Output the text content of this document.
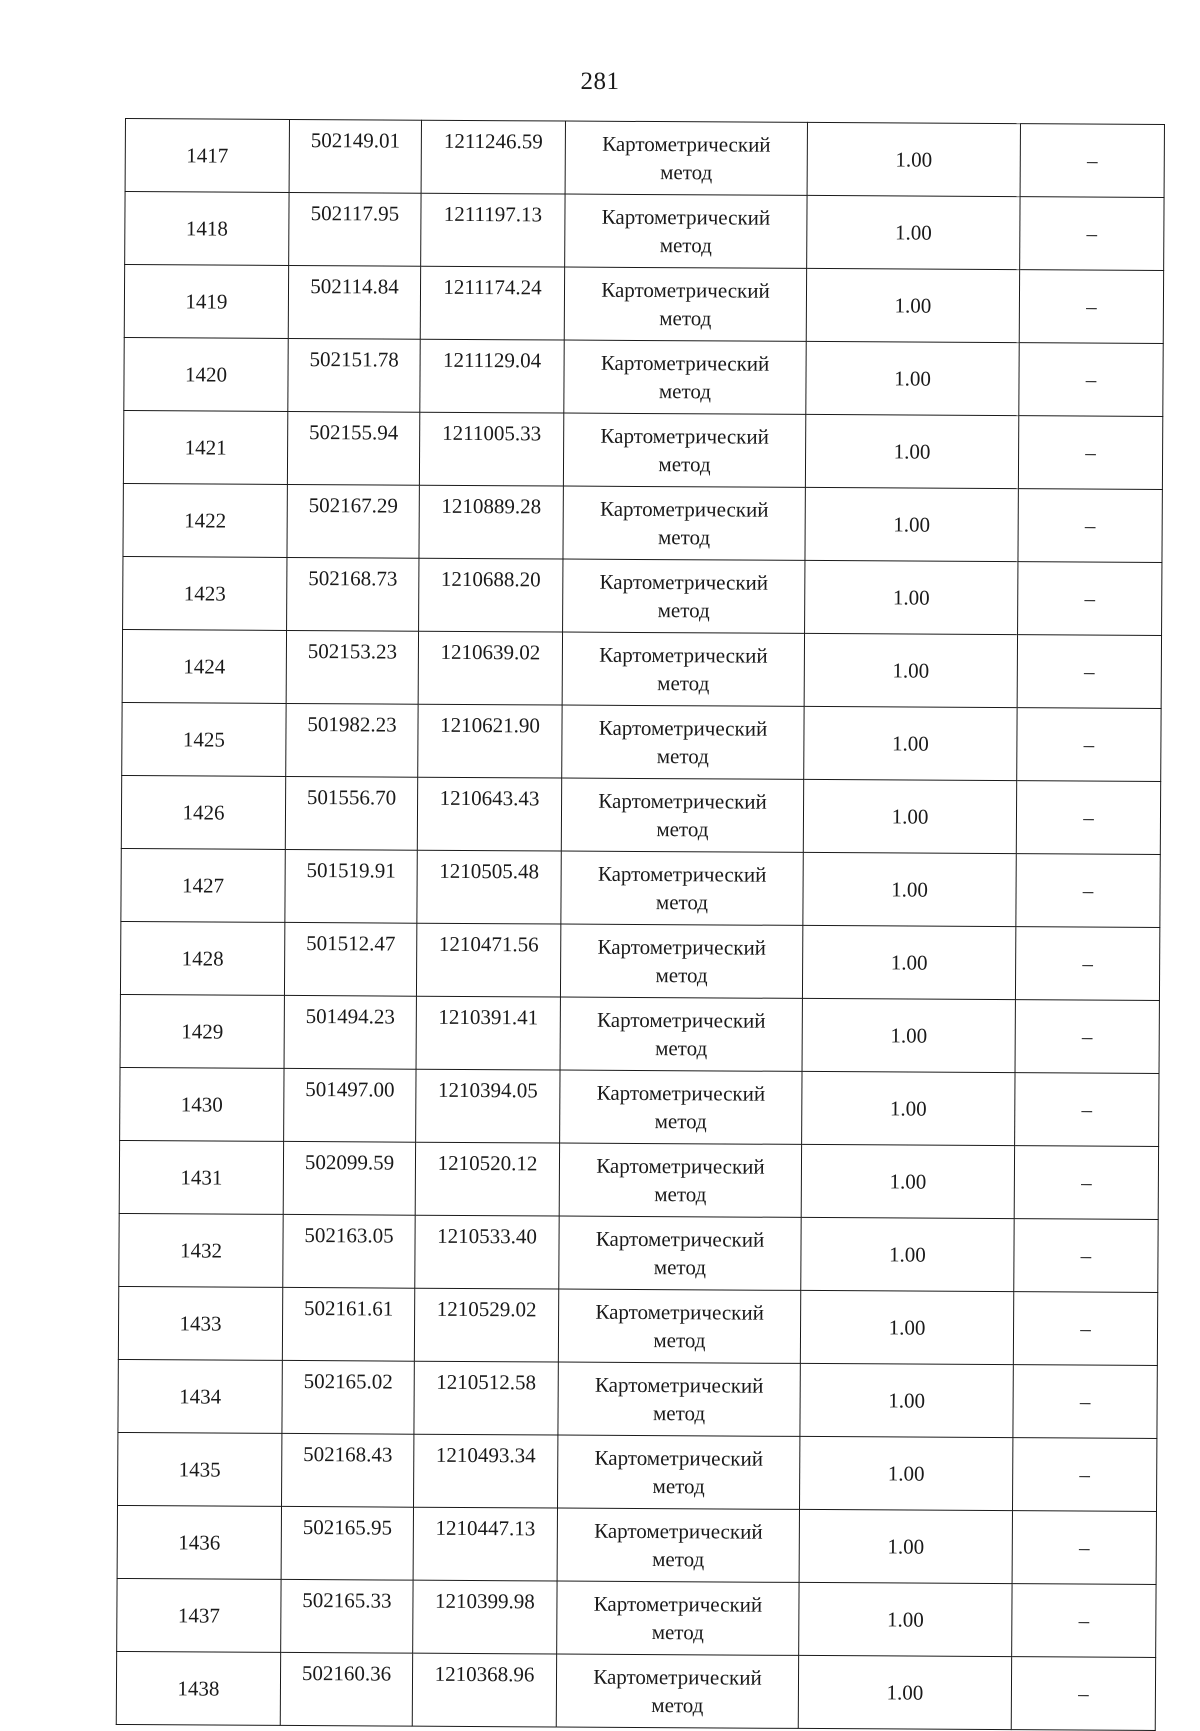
281
1417	502149.01	1211246.59	Картометрический метод	1.00	–
1418	502117.95	1211197.13	Картометрический метод	1.00	–
1419	502114.84	1211174.24	Картометрический метод	1.00	–
1420	502151.78	1211129.04	Картометрический метод	1.00	–
1421	502155.94	1211005.33	Картометрический метод	1.00	–
1422	502167.29	1210889.28	Картометрический метод	1.00	–
1423	502168.73	1210688.20	Картометрический метод	1.00	–
1424	502153.23	1210639.02	Картометрический метод	1.00	–
1425	501982.23	1210621.90	Картометрический метод	1.00	–
1426	501556.70	1210643.43	Картометрический метод	1.00	–
1427	501519.91	1210505.48	Картометрический метод	1.00	–
1428	501512.47	1210471.56	Картометрический метод	1.00	–
1429	501494.23	1210391.41	Картометрический метод	1.00	–
1430	501497.00	1210394.05	Картометрический метод	1.00	–
1431	502099.59	1210520.12	Картометрический метод	1.00	–
1432	502163.05	1210533.40	Картометрический метод	1.00	–
1433	502161.61	1210529.02	Картометрический метод	1.00	–
1434	502165.02	1210512.58	Картометрический метод	1.00	–
1435	502168.43	1210493.34	Картометрический метод	1.00	–
1436	502165.95	1210447.13	Картометрический метод	1.00	–
1437	502165.33	1210399.98	Картометрический метод	1.00	–
1438	502160.36	1210368.96	Картометрический метод	1.00	–
